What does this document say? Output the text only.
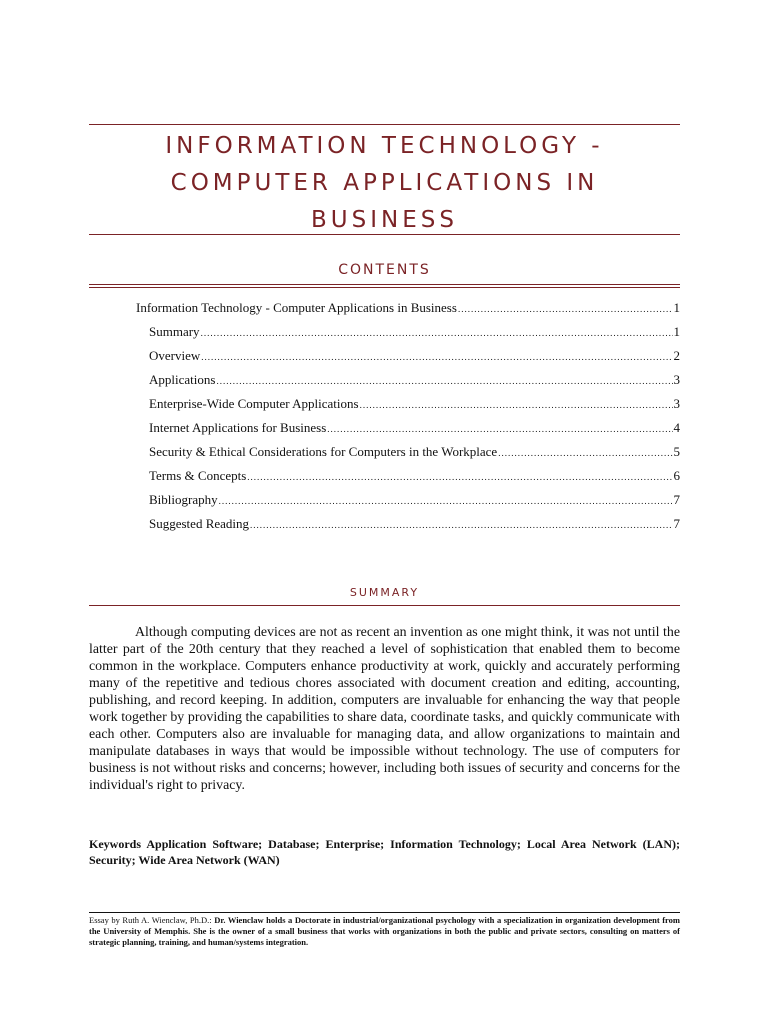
INFORMATION TECHNOLOGY -
COMPUTER APPLICATIONS IN
BUSINESS
CONTENTS
Information Technology - Computer Applications in Business .....	1
Summary .....	1
Overview .....	2
Applications .....	3
Enterprise-Wide Computer Applications .....	3
Internet Applications for Business .....	4
Security & Ethical Considerations for Computers in the Workplace .....	5
Terms & Concepts .....	6
Bibliography .....	7
Suggested Reading .....	7
SUMMARY

Although computing devices are not as recent an invention as one might think, it was not until the latter part of the 20th century that they reached a level of sophistication that enabled them to become common in the workplace. Computers enhance productivity at work, quickly and accurately performing many of the repetitive and tedious chores associated with document creation and editing, accounting, publishing, and record keeping. In addition, computers are invaluable for enhancing the way that people work together by providing the capabilities to share data, coordinate tasks, and quickly communicate with each other. Computers also are invaluable for managing data, and allow organizations to maintain and manipulate databases in ways that would be impossible without technology. The use of computers for business is not without risks and concerns; however, including both issues of security and concerns for the individual's right to privacy.

Keywords Application Software; Database; Enterprise; Information Technology; Local Area Network (LAN); Security; Wide Area Network (WAN)

Essay by Ruth A. Wienclaw, Ph.D.: Dr. Wienclaw holds a Doctorate in industrial/organizational psychology with a specialization in organization development from the University of Memphis. She is the owner of a small business that works with organizations in both the public and private sectors, consulting on matters of strategic planning, training, and human/systems integration.
